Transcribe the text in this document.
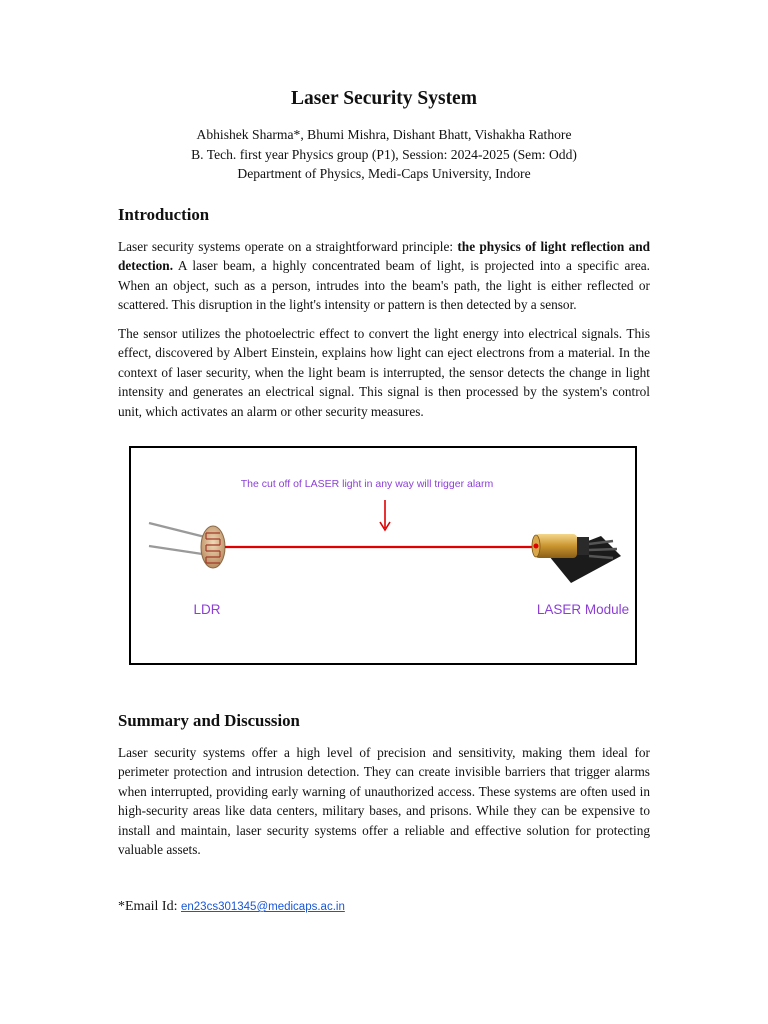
Laser Security System
Abhishek Sharma*, Bhumi Mishra, Dishant Bhatt, Vishakha Rathore
B. Tech. first year Physics group (P1), Session: 2024-2025 (Sem: Odd)
Department of Physics, Medi-Caps University, Indore
Introduction

Laser security systems operate on a straightforward principle: the physics of light reflection and detection. A laser beam, a highly concentrated beam of light, is projected into a specific area. When an object, such as a person, intrudes into the beam's path, the light is either reflected or scattered. This disruption in the light's intensity or pattern is then detected by a sensor.

The sensor utilizes the photoelectric effect to convert the light energy into electrical signals. This effect, discovered by Albert Einstein, explains how light can eject electrons from a material. In the context of laser security, when the light beam is interrupted, the sensor detects the change in light intensity and generates an electrical signal. This signal is then processed by the system's control unit, which activates an alarm or other security measures.

The cut off of LASER light in any way will trigger alarm
LDR	LASER Module
Summary and Discussion

Laser security systems offer a high level of precision and sensitivity, making them ideal for perimeter protection and intrusion detection. They can create invisible barriers that trigger alarms when interrupted, providing early warning of unauthorized access. These systems are often used in high-security areas like data centers, military bases, and prisons. While they can be expensive to install and maintain, laser security systems offer a reliable and effective solution for protecting valuable assets.

*Email Id: en23cs301345@medicaps.ac.in
